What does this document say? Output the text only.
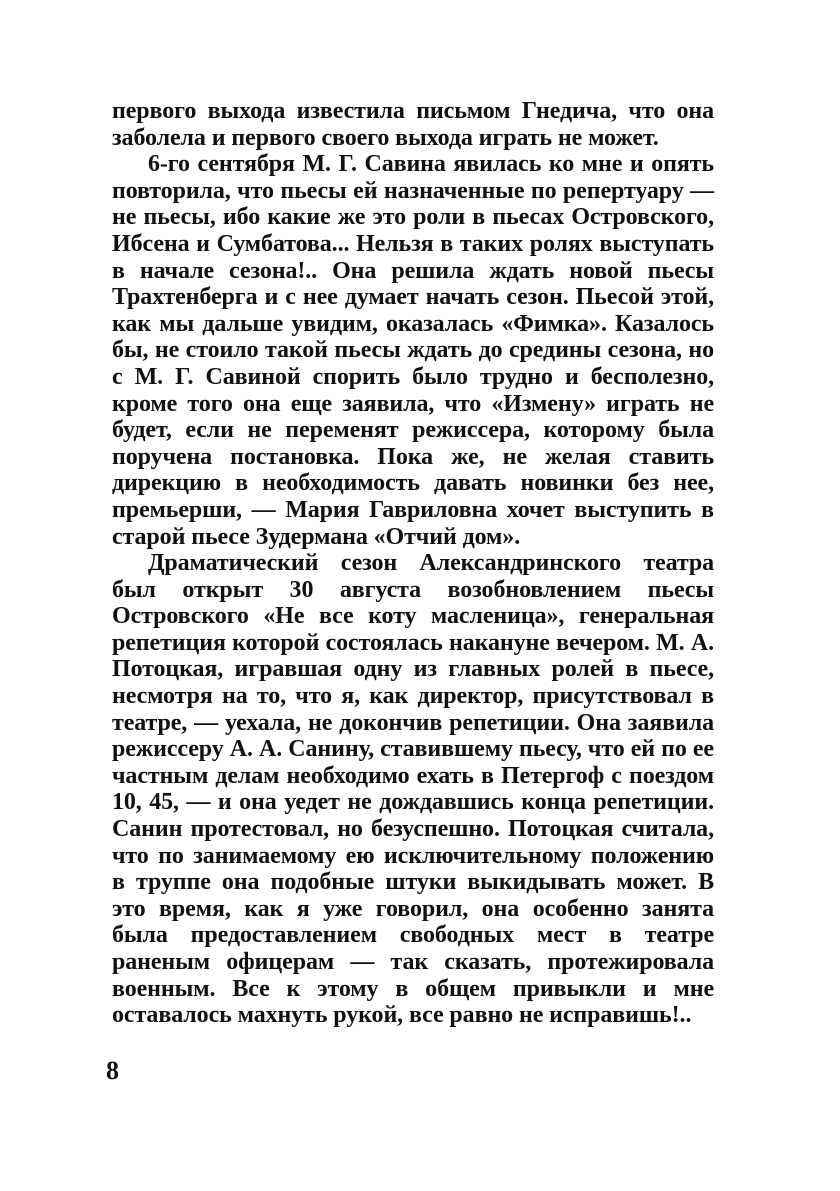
первого выхода известила письмом Гнедича, что она заболела и первого своего выхода играть не может.

6-го сентября М. Г. Савина явилась ко мне и опять повторила, что пьесы ей назначенные по репертуару — не пьесы, ибо какие же это роли в пьесах Островского, Ибсена и Сумбатова... Нельзя в таких ролях выступать в начале сезона!.. Она решила ждать новой пьесы Трахтенберга и с нее думает начать сезон. Пьесой этой, как мы дальше увидим, оказалась «Фимка». Казалось бы, не стоило такой пьесы ждать до средины сезона, но с М. Г. Савиной спорить было трудно и бесполезно, кроме того она еще заявила, что «Измену» играть не будет, если не переменят режиссера, которому была поручена постановка. Пока же, не желая ставить дирекцию в необходимость давать новинки без нее, премьерши, — Мария Гавриловна хочет выступить в старой пьесе Зудермана «Отчий дом».

Драматический сезон Александринского театра был открыт 30 августа возобновлением пьесы Островского «Не все коту масленица», генеральная репетиция которой состоялась накануне вечером. М. А. Потоцкая, игравшая одну из главных ролей в пьесе, несмотря на то, что я, как директор, присутствовал в театре, — уехала, не докончив репетиции. Она заявила режиссеру А. А. Санину, ставившему пьесу, что ей по ее частным делам необходимо ехать в Петергоф с поездом 10, 45, — и она уедет не дождавшись конца репетиции. Санин протестовал, но безуспешно. Потоцкая считала, что по занимаемому ею исключительному положению в труппе она подобные штуки выкидывать может. В это время, как я уже говорил, она особенно занята была предоставлением свободных мест в театре раненым офицерам — так сказать, протежировала военным. Все к этому в общем привыкли и мне оставалось махнуть рукой, все равно не исправишь!..

8
